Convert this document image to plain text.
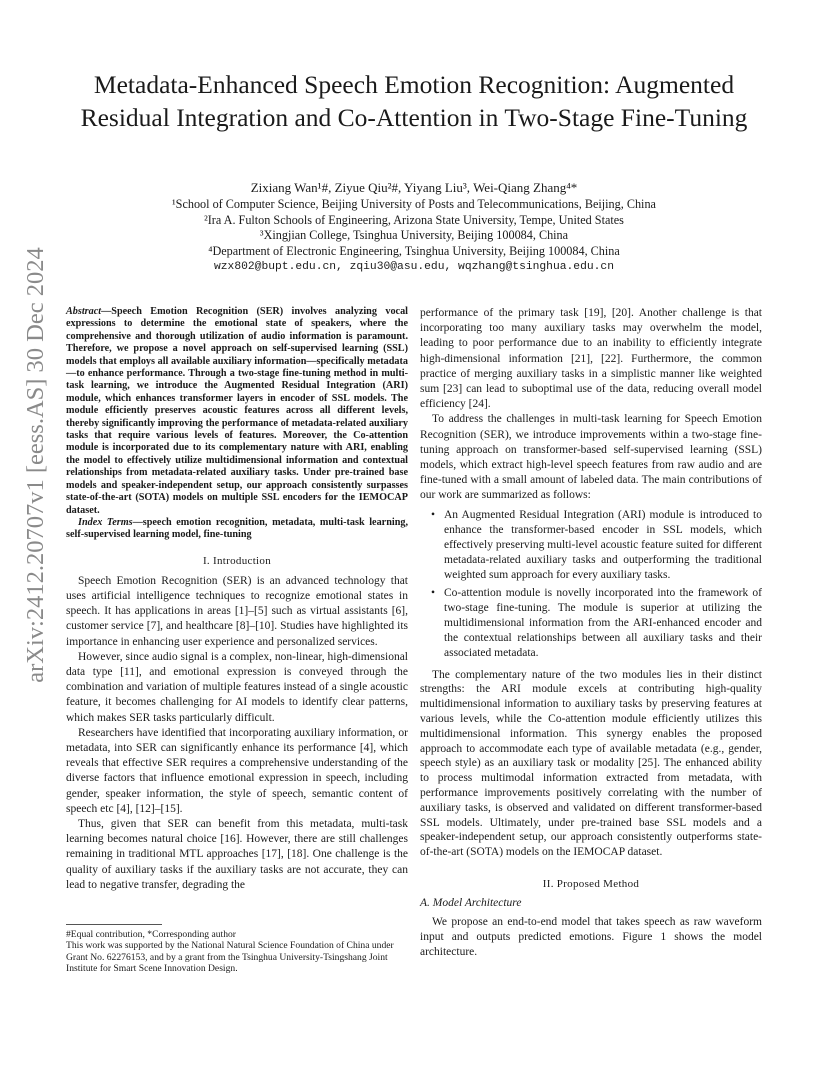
arXiv:2412.20707v1 [eess.AS] 30 Dec 2024
Metadata-Enhanced Speech Emotion Recognition: Augmented Residual Integration and Co-Attention in Two-Stage Fine-Tuning
Zixiang Wan¹#, Ziyue Qiu²#, Yiyang Liu³, Wei-Qiang Zhang⁴*
¹School of Computer Science, Beijing University of Posts and Telecommunications, Beijing, China
²Ira A. Fulton Schools of Engineering, Arizona State University, Tempe, United States
³Xingjian College, Tsinghua University, Beijing 100084, China
⁴Department of Electronic Engineering, Tsinghua University, Beijing 100084, China
wzx802@bupt.edu.cn, zqiu30@asu.edu, wqzhang@tsinghua.edu.cn

Abstract—Speech Emotion Recognition (SER) involves analyzing vocal expressions to determine the emotional state of speakers, where the comprehensive and thorough utilization of audio information is paramount. Therefore, we propose a novel approach on self-supervised learning (SSL) models that employs all available auxiliary information—specifically metadata—to enhance performance. Through a two-stage fine-tuning method in multi-task learning, we introduce the Augmented Residual Integration (ARI) module, which enhances transformer layers in encoder of SSL models. The module efficiently preserves acoustic features across all different levels, thereby significantly improving the performance of metadata-related auxiliary tasks that require various levels of features. Moreover, the Co-attention module is incorporated due to its complementary nature with ARI, enabling the model to effectively utilize multidimensional information and contextual relationships from metadata-related auxiliary tasks. Under pre-trained base models and speaker-independent setup, our approach consistently surpasses state-of-the-art (SOTA) models on multiple SSL encoders for the IEMOCAP dataset.

Index Terms—speech emotion recognition, metadata, multi-task learning, self-supervised learning model, fine-tuning

I. Introduction

Speech Emotion Recognition (SER) is an advanced technology that uses artificial intelligence techniques to recognize emotional states in speech. It has applications in areas [1]–[5] such as virtual assistants [6], customer service [7], and healthcare [8]–[10]. Studies have highlighted its importance in enhancing user experience and personalized services.

However, since audio signal is a complex, non-linear, high-dimensional data type [11], and emotional expression is conveyed through the combination and variation of multiple features instead of a single acoustic feature, it becomes challenging for AI models to identify clear patterns, which makes SER tasks particularly difficult.

Researchers have identified that incorporating auxiliary information, or metadata, into SER can significantly enhance its performance [4], which reveals that effective SER requires a comprehensive understanding of the diverse factors that influence emotional expression in speech, including gender, speaker information, the style of speech, semantic content of speech etc [4], [12]–[15].

Thus, given that SER can benefit from this metadata, multi-task learning becomes natural choice [16]. However, there are still challenges remaining in traditional MTL approaches [17], [18]. One challenge is the quality of auxiliary tasks if the auxiliary tasks are not accurate, they can lead to negative transfer, degrading the

#Equal contribution, *Corresponding author
This work was supported by the National Natural Science Foundation of China under Grant No. 62276153, and by a grant from the Tsinghua University-Tsingshang Joint Institute for Smart Scene Innovation Design.

performance of the primary task [19], [20]. Another challenge is that incorporating too many auxiliary tasks may overwhelm the model, leading to poor performance due to an inability to efficiently integrate high-dimensional information [21], [22]. Furthermore, the common practice of merging auxiliary tasks in a simplistic manner like weighted sum [23] can lead to suboptimal use of the data, reducing overall model efficiency [24].

To address the challenges in multi-task learning for Speech Emotion Recognition (SER), we introduce improvements within a two-stage fine-tuning approach on transformer-based self-supervised learning (SSL) models, which extract high-level speech features from raw audio and are fine-tuned with a small amount of labeled data. The main contributions of our work are summarized as follows:

• An Augmented Residual Integration (ARI) module is introduced to enhance the transformer-based encoder in SSL models, which effectively preserving multi-level acoustic feature suited for different metadata-related auxiliary tasks and outperforming the traditional weighted sum approach for every auxiliary tasks.
• Co-attention module is novelly incorporated into the framework of two-stage fine-tuning. The module is superior at utilizing the multidimensional information from the ARI-enhanced encoder and the contextual relationships between all auxiliary tasks and their associated metadata.

The complementary nature of the two modules lies in their distinct strengths: the ARI module excels at contributing high-quality multidimensional information to auxiliary tasks by preserving features at various levels, while the Co-attention module efficiently utilizes this multidimensional information. This synergy enables the proposed approach to accommodate each type of available metadata (e.g., gender, speech style) as an auxiliary task or modality [25]. The enhanced ability to process multimodal information extracted from metadata, with performance improvements positively correlating with the number of auxiliary tasks, is observed and validated on different transformer-based SSL models. Ultimately, under pre-trained base SSL models and a speaker-independent setup, our approach consistently outperforms state-of-the-art (SOTA) models on the IEMOCAP dataset.

II. Proposed Method
A. Model Architecture

We propose an end-to-end model that takes speech as raw waveform input and outputs predicted emotions. Figure 1 shows the model architecture.
